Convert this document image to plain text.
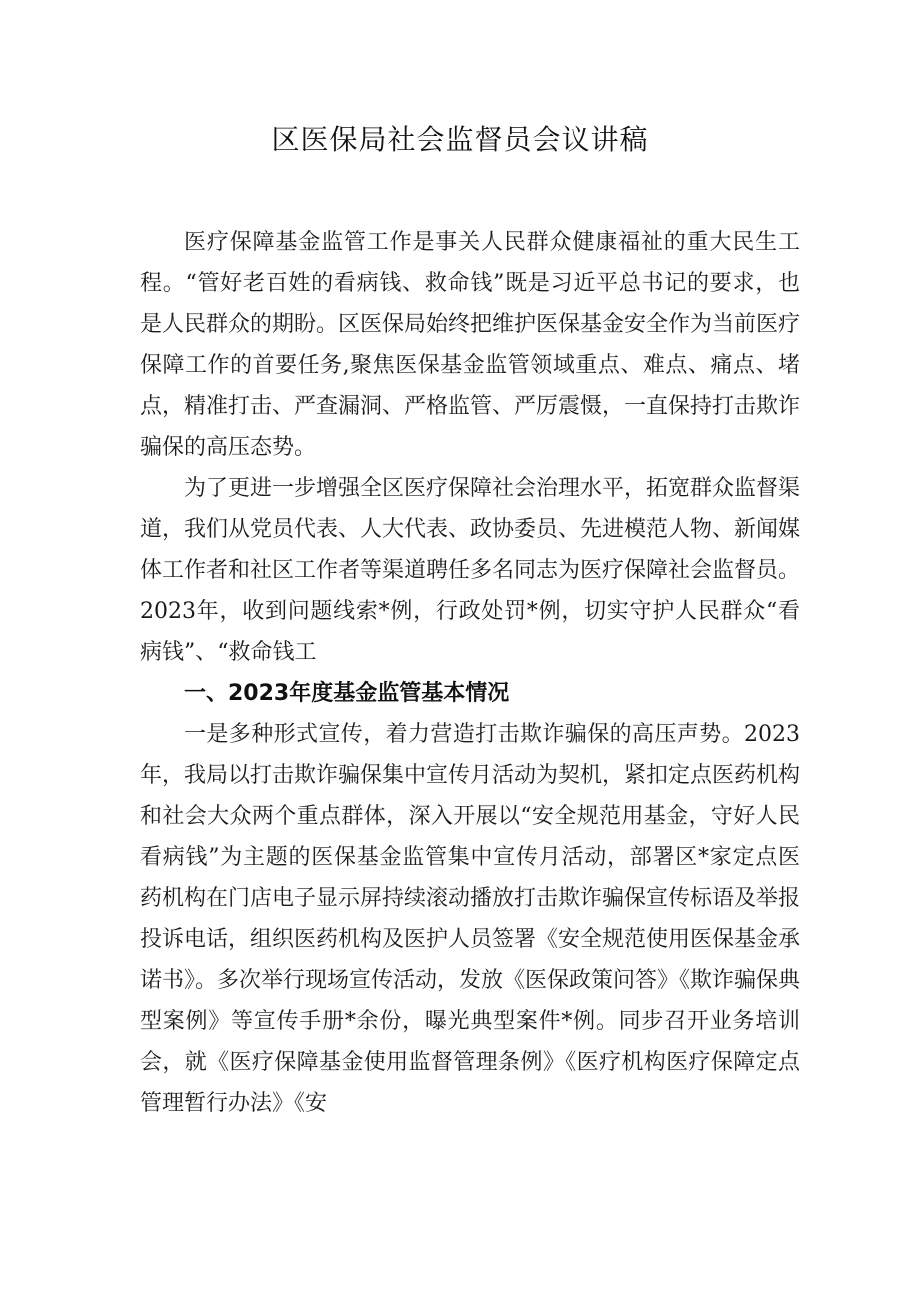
区医保局社会监督员会议讲稿

医疗保障基金监管工作是事关人民群众健康福祉的重大民生工程。“管好老百姓的看病钱、救命钱”既是习近平总书记的要求，也是人民群众的期盼。区医保局始终把维护医保基金安全作为当前医疗保障工作的首要任务,聚焦医保基金监管领域重点、难点、痛点、堵点，精准打击、严查漏洞、严格监管、严厉震慑，一直保持打击欺诈骗保的高压态势。

为了更进一步增强全区医疗保障社会治理水平，拓宽群众监督渠道，我们从党员代表、人大代表、政协委员、先进模范人物、新闻媒体工作者和社区工作者等渠道聘任多名同志为医疗保障社会监督员。2023年，收到问题线索*例，行政处罚*例，切实守护人民群众“看病钱”、“救命钱工

一、2023年度基金监管基本情况

一是多种形式宣传，着力营造打击欺诈骗保的高压声势。2023年，我局以打击欺诈骗保集中宣传月活动为契机，紧扣定点医药机构和社会大众两个重点群体，深入开展以“安全规范用基金，守好人民看病钱”为主题的医保基金监管集中宣传月活动，部署区*家定点医药机构在门店电子显示屏持续滚动播放打击欺诈骗保宣传标语及举报投诉电话，组织医药机构及医护人员签署《安全规范使用医保基金承诺书》。多次举行现场宣传活动，发放《医保政策问答》《欺诈骗保典型案例》等宣传手册*余份，曝光典型案件*例。同步召开业务培训会，就《医疗保障基金使用监督管理条例》《医疗机构医疗保障定点管理暂行办法》《安
